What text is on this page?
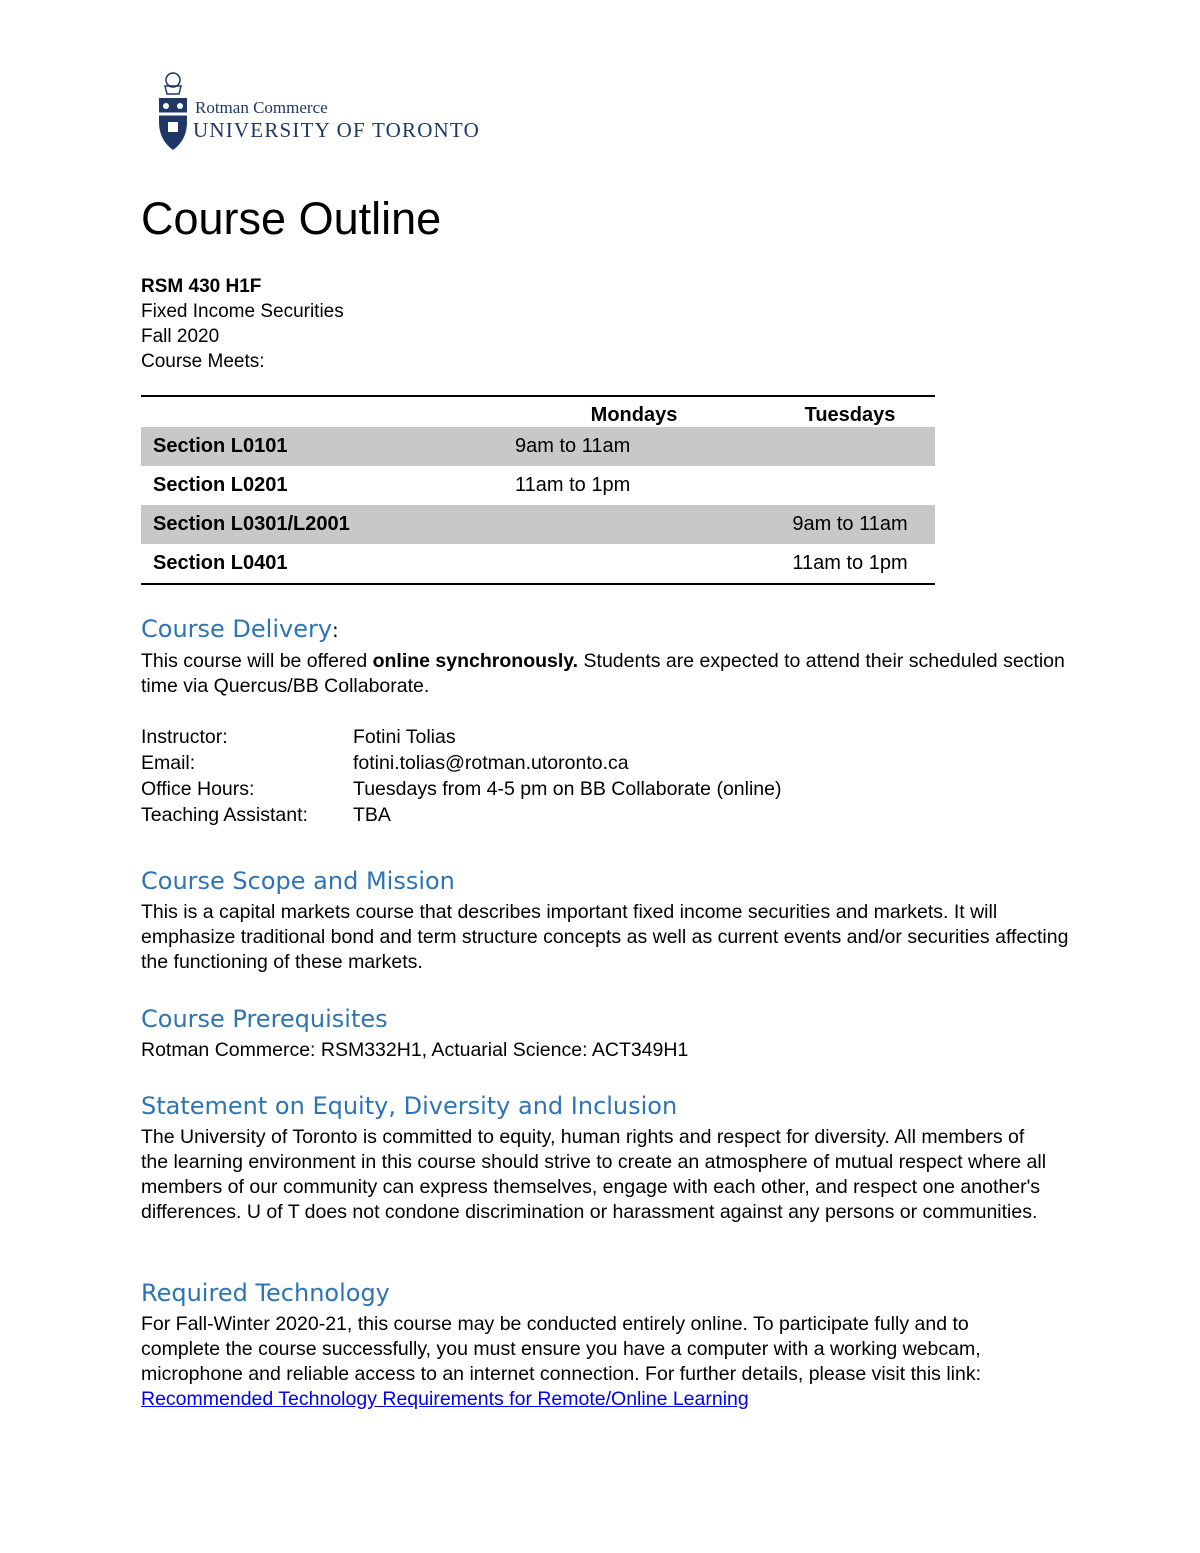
Rotman Commerce
UNIVERSITY OF TORONTO
Course Outline
RSM 430 H1F
Fixed Income Securities
Fall 2020
Course Meets:
	Mondays	Tuesdays
Section L0101	9am to 11am	
Section L0201	11am to 1pm	
Section L0301/L2001		9am to 11am
Section L0401		11am to 1pm
Course Delivery:

This course will be offered online synchronously. Students are expected to attend their scheduled section time via Quercus/BB Collaborate.

Instructor:	Fotini Tolias
Email:	fotini.tolias@rotman.utoronto.ca
Office Hours:	Tuesdays from 4-5 pm on BB Collaborate (online)
Teaching Assistant:	TBA
Course Scope and Mission

This is a capital markets course that describes important fixed income securities and markets. It will emphasize traditional bond and term structure concepts as well as current events and/or securities affecting the functioning of these markets.

Course Prerequisites

Rotman Commerce: RSM332H1, Actuarial Science: ACT349H1

Statement on Equity, Diversity and Inclusion

The University of Toronto is committed to equity, human rights and respect for diversity. All members of the learning environment in this course should strive to create an atmosphere of mutual respect where all members of our community can express themselves, engage with each other, and respect one another's differences. U of T does not condone discrimination or harassment against any persons or communities.

Required Technology

For Fall-Winter 2020-21, this course may be conducted entirely online. To participate fully and to complete the course successfully, you must ensure you have a computer with a working webcam, microphone and reliable access to an internet connection. For further details, please visit this link: Recommended Technology Requirements for Remote/Online Learning
